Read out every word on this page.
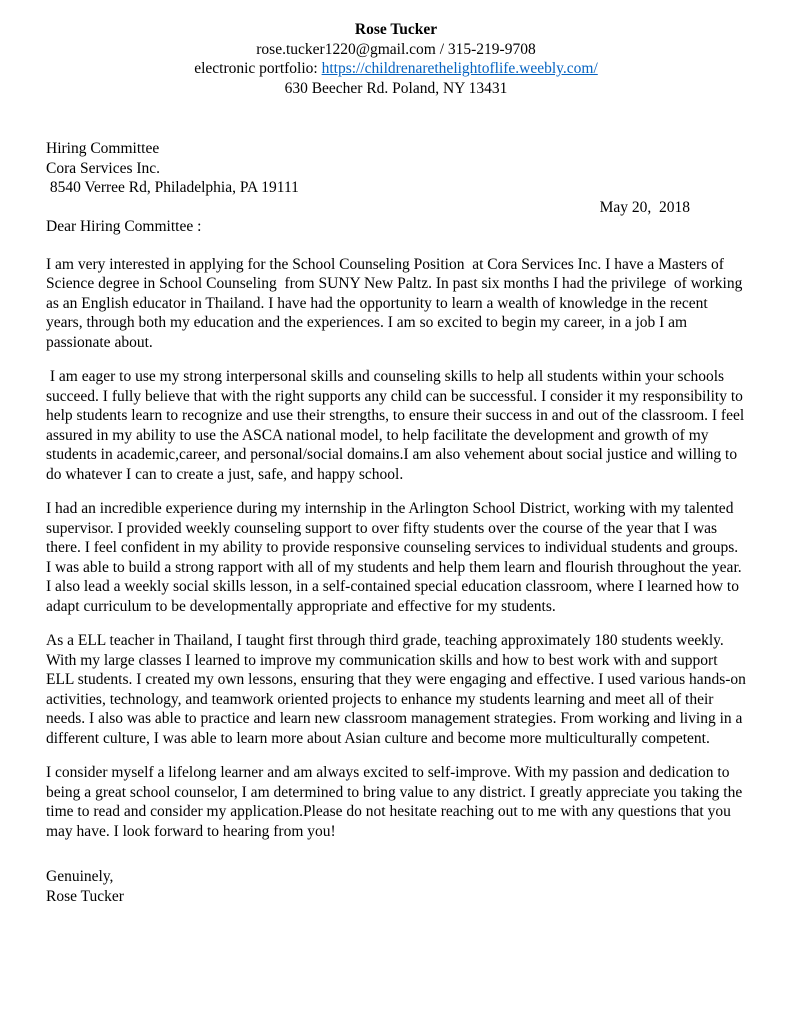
Rose Tucker
rose.tucker1220@gmail.com / 315-219-9708
electronic portfolio: https://childrenarethelightoflife.weebly.com/
630 Beecher Rd. Poland, NY 13431
Hiring Committee
Cora Services Inc.
8540 Verree Rd, Philadelphia, PA 19111
May 20,  2018
Dear Hiring Committee :

I am very interested in applying for the School Counseling Position  at Cora Services Inc. I have a Masters of Science degree in School Counseling  from SUNY New Paltz. In past six months I had the privilege  of working as an English educator in Thailand. I have had the opportunity to learn a wealth of knowledge in the recent years, through both my education and the experiences. I am so excited to begin my career, in a job I am passionate about.

I am eager to use my strong interpersonal skills and counseling skills to help all students within your schools succeed. I fully believe that with the right supports any child can be successful. I consider it my responsibility to help students learn to recognize and use their strengths, to ensure their success in and out of the classroom. I feel assured in my ability to use the ASCA national model, to help facilitate the development and growth of my students in academic,career, and personal/social domains.I am also vehement about social justice and willing to do whatever I can to create a just, safe, and happy school.

I had an incredible experience during my internship in the Arlington School District, working with my talented supervisor. I provided weekly counseling support to over fifty students over the course of the year that I was there. I feel confident in my ability to provide responsive counseling services to individual students and groups. I was able to build a strong rapport with all of my students and help them learn and flourish throughout the year. I also lead a weekly social skills lesson, in a self-contained special education classroom, where I learned how to adapt curriculum to be developmentally appropriate and effective for my students.

As a ELL teacher in Thailand, I taught first through third grade, teaching approximately 180 students weekly. With my large classes I learned to improve my communication skills and how to best work with and support ELL students. I created my own lessons, ensuring that they were engaging and effective. I used various hands-on activities, technology, and teamwork oriented projects to enhance my students learning and meet all of their needs. I also was able to practice and learn new classroom management strategies. From working and living in a different culture, I was able to learn more about Asian culture and become more multiculturally competent.

I consider myself a lifelong learner and am always excited to self-improve. With my passion and dedication to being a great school counselor, I am determined to bring value to any district. I greatly appreciate you taking the time to read and consider my application.Please do not hesitate reaching out to me with any questions that you may have. I look forward to hearing from you!

Genuinely,
Rose Tucker
